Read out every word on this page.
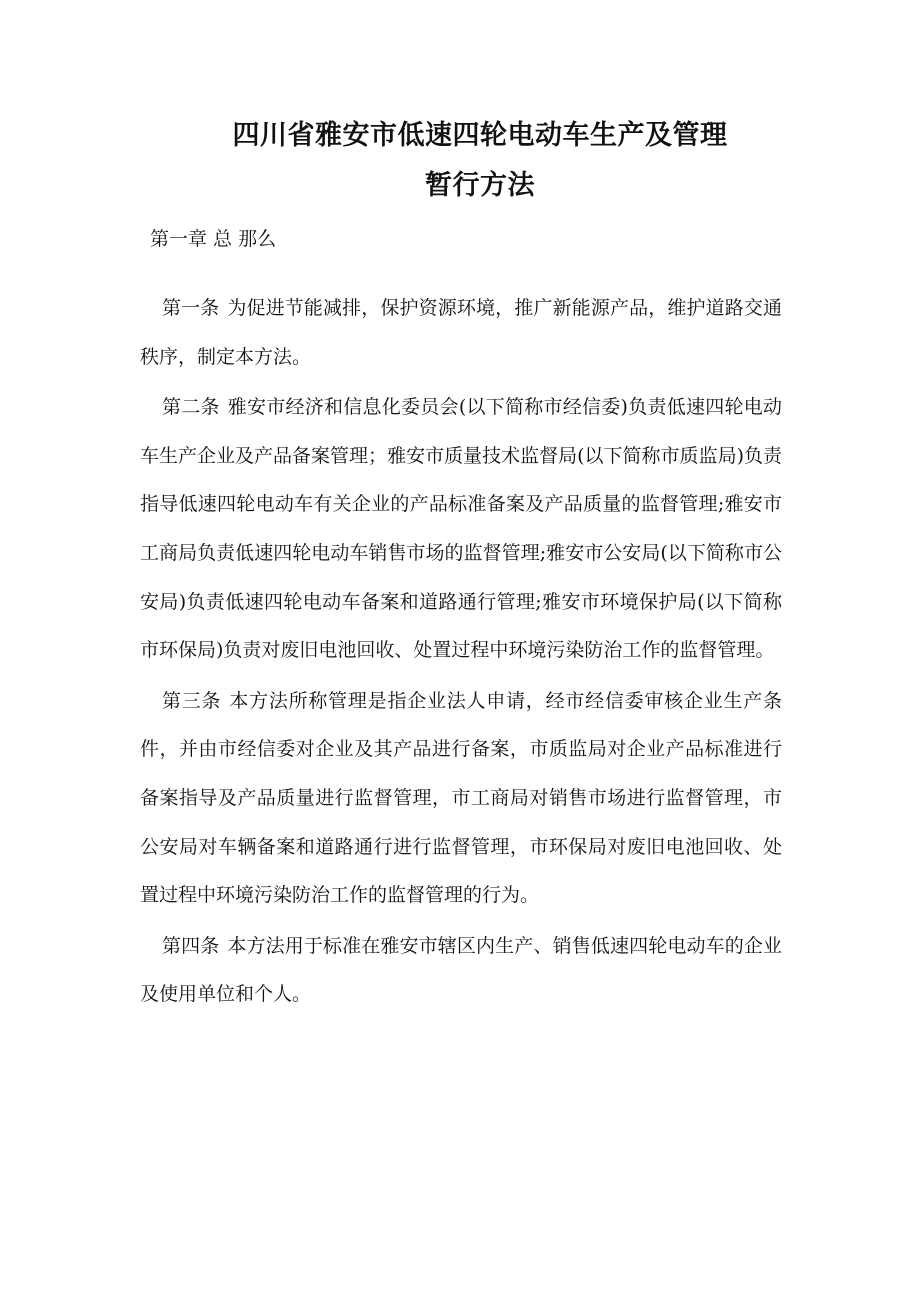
四川省雅安市低速四轮电动车生产及管理
暂行方法
第一章 总 那么

第一条 为促进节能减排，保护资源环境，推广新能源产品，维护道路交通秩序，制定本方法。

第二条 雅安市经济和信息化委员会(以下简称市经信委)负责低速四轮电动车生产企业及产品备案管理；雅安市质量技术监督局(以下简称市质监局)负责指导低速四轮电动车有关企业的产品标准备案及产品质量的监督管理;雅安市工商局负责低速四轮电动车销售市场的监督管理;雅安市公安局(以下简称市公安局)负责低速四轮电动车备案和道路通行管理;雅安市环境保护局(以下简称市环保局)负责对废旧电池回收、处置过程中环境污染防治工作的监督管理。

第三条 本方法所称管理是指企业法人申请，经市经信委审核企业生产条件，并由市经信委对企业及其产品进行备案，市质监局对企业产品标准进行备案指导及产品质量进行监督管理，市工商局对销售市场进行监督管理，市公安局对车辆备案和道路通行进行监督管理，市环保局对废旧电池回收、处置过程中环境污染防治工作的监督管理的行为。

第四条 本方法用于标准在雅安市辖区内生产、销售低速四轮电动车的企业及使用单位和个人。
